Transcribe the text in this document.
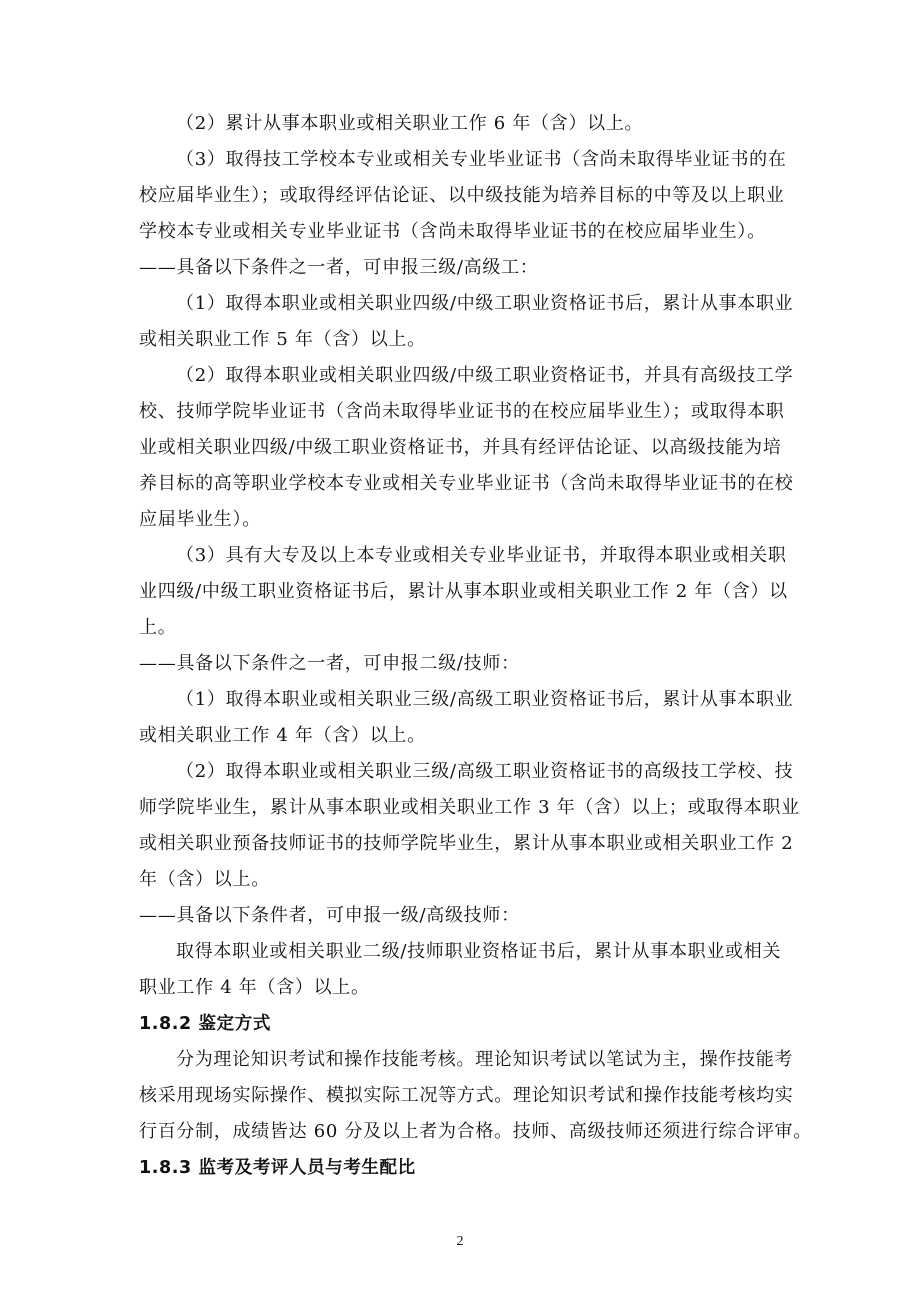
（2）累计从事本职业或相关职业工作 6 年（含）以上。
（3）取得技工学校本专业或相关专业毕业证书（含尚未取得毕业证书的在
校应届毕业生）；或取得经评估论证、以中级技能为培养目标的中等及以上职业
学校本专业或相关专业毕业证书（含尚未取得毕业证书的在校应届毕业生）。
——具备以下条件之一者，可申报三级/高级工：
（1）取得本职业或相关职业四级/中级工职业资格证书后，累计从事本职业
或相关职业工作 5 年（含）以上。
（2）取得本职业或相关职业四级/中级工职业资格证书，并具有高级技工学
校、技师学院毕业证书（含尚未取得毕业证书的在校应届毕业生）；或取得本职
业或相关职业四级/中级工职业资格证书，并具有经评估论证、以高级技能为培
养目标的高等职业学校本专业或相关专业毕业证书（含尚未取得毕业证书的在校
应届毕业生）。
（3）具有大专及以上本专业或相关专业毕业证书，并取得本职业或相关职
业四级/中级工职业资格证书后，累计从事本职业或相关职业工作 2 年（含）以
上。
——具备以下条件之一者，可申报二级/技师：
（1）取得本职业或相关职业三级/高级工职业资格证书后，累计从事本职业
或相关职业工作 4 年（含）以上。
（2）取得本职业或相关职业三级/高级工职业资格证书的高级技工学校、技
师学院毕业生，累计从事本职业或相关职业工作 3 年（含）以上；或取得本职业
或相关职业预备技师证书的技师学院毕业生，累计从事本职业或相关职业工作 2
年（含）以上。
——具备以下条件者，可申报一级/高级技师：
取得本职业或相关职业二级/技师职业资格证书后，累计从事本职业或相关
职业工作 4 年（含）以上。
1.8.2 鉴定方式
分为理论知识考试和操作技能考核。理论知识考试以笔试为主，操作技能考
核采用现场实际操作、模拟实际工况等方式。理论知识考试和操作技能考核均实
行百分制，成绩皆达 60 分及以上者为合格。技师、高级技师还须进行综合评审。
1.8.3 监考及考评人员与考生配比
2
